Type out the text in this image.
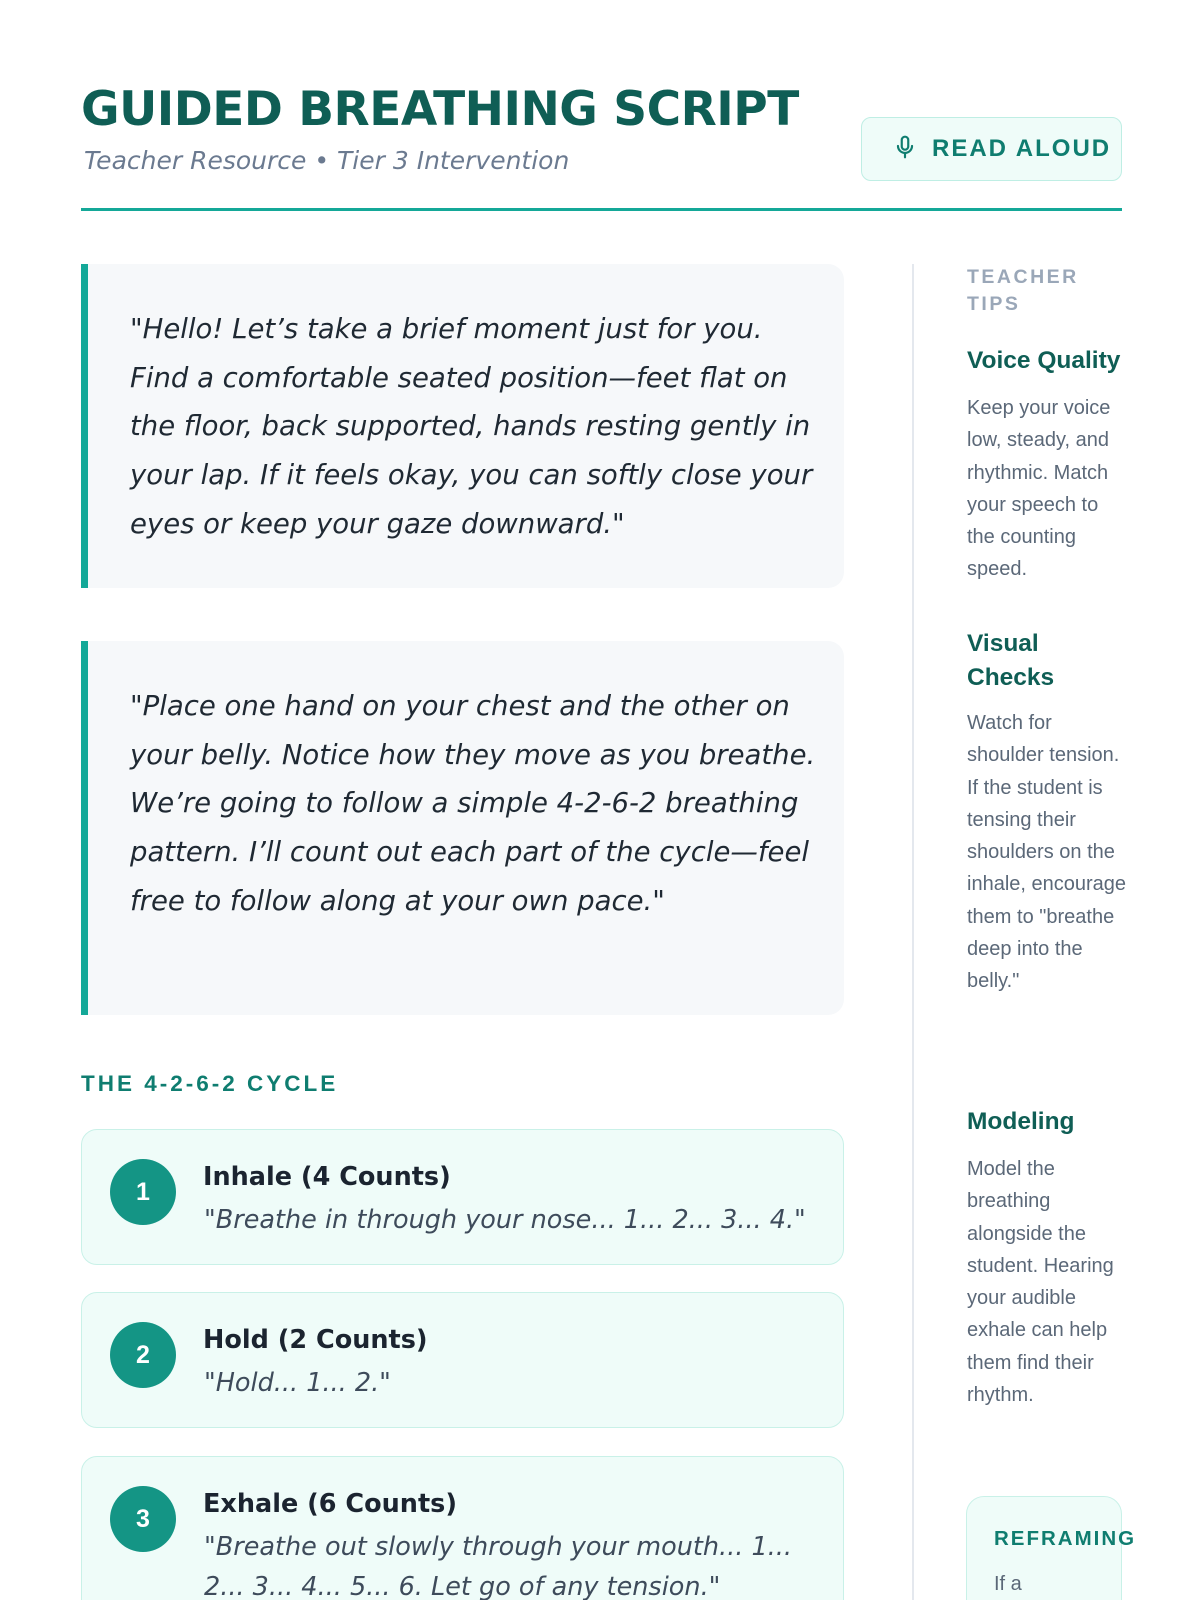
GUIDED BREATHING SCRIPT
Teacher Resource • Tier 3 Intervention	READ ALOUD

"Hello! Let’s take a brief moment just for you. Find a comfortable seated position—feet flat on the floor, back supported, hands resting gently in your lap. If it feels okay, you can softly close your eyes or keep your gaze downward."

"Place one hand on your chest and the other on your belly. Notice how they move as you breathe. We’re going to follow a simple 4-2-6-2 breathing pattern. I’ll count out each part of the cycle—feel free to follow along at your own pace."

THE 4-2-6-2 CYCLE
1	Inhale (4 Counts)
"Breathe in through your nose... 1... 2... 3... 4."
2	Hold (2 Counts)
"Hold... 1... 2."
3	Exhale (6 Counts)
"Breathe out slowly through your mouth... 1... 2... 3... 4... 5... 6. Let go of any tension."
TEACHER TIPS
Voice Quality
Keep your voice low, steady, and rhythmic. Match your speech to the counting speed.
Visual Checks
Watch for shoulder tension. If the student is tensing their shoulders on the inhale, encourage them to "breathe deep into the belly."
Modeling
Model the breathing alongside the student. Hearing your audible exhale can help them find their rhythm.
REFRAMING
If a
